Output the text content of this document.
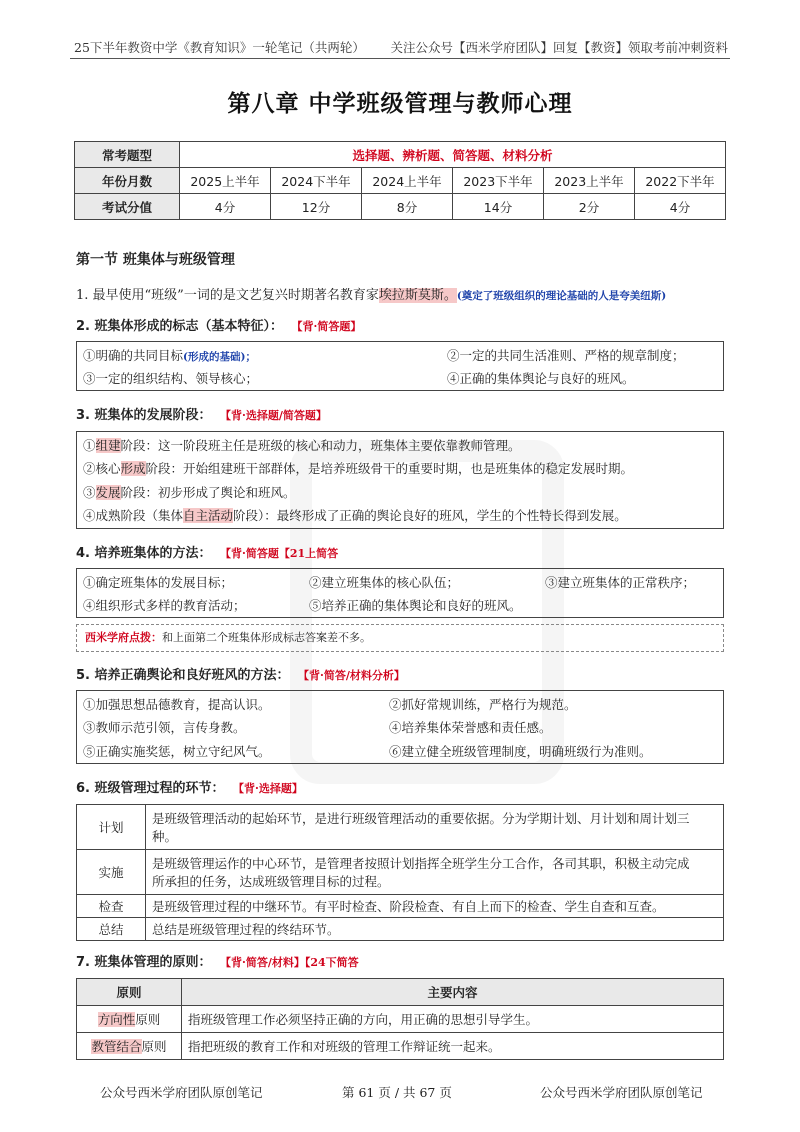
25下半年教资中学《教育知识》一轮笔记（共两轮） 关注公众号【西米学府团队】回复【教资】领取考前冲刺资料
第八章 中学班级管理与教师心理
常考题型	选择题、辨析题、简答题、材料分析					
年份月数	2025上半年	2024下半年	2024上半年	2023下半年	2023上半年	2022下半年
考试分值	4分	12分	8分	14分	2分	4分
第一节 班集体与班级管理
1. 最早使用“班级”一词的是文艺复兴时期著名教育家埃拉斯莫斯。(奠定了班级组织的理论基础的人是夸美纽斯)
2. 班集体形成的标志（基本特征）： 【背·简答题】
①明确的共同目标(形成的基础)；	②一定的共同生活准则、严格的规章制度；
③一定的组织结构、领导核心；	④正确的集体舆论与良好的班风。
3. 班集体的发展阶段： 【背·选择题/简答题】
①组建阶段：这一阶段班主任是班级的核心和动力，班集体主要依靠教师管理。
②核心形成阶段：开始组建班干部群体，是培养班级骨干的重要时期，也是班集体的稳定发展时期。
③发展阶段：初步形成了舆论和班风。
④成熟阶段（集体自主活动阶段）：最终形成了正确的舆论良好的班风，学生的个性特长得到发展。
4. 培养班集体的方法： 【背·简答题【21上简答
①确定班集体的发展目标；	②建立班集体的核心队伍；	③建立班集体的正常秩序；
④组织形式多样的教育活动；	⑤培养正确的集体舆论和良好的班风。
西米学府点拨：和上面第二个班集体形成标志答案差不多。
5. 培养正确舆论和良好班风的方法： 【背·简答/材料分析】
①加强思想品德教育，提高认识。	②抓好常规训练，严格行为规范。
③教师示范引领，言传身教。	④培养集体荣誉感和责任感。
⑤正确实施奖惩，树立守纪风气。	⑥建立健全班级管理制度，明确班级行为准则。
6. 班级管理过程的环节： 【背·选择题】
计划	是班级管理活动的起始环节，是进行班级管理活动的重要依据。分为学期计划、月计划和周计划三
种。

实施	是班级管理运作的中心环节，是管理者按照计划指挥全班学生分工合作，各司其职，积极主动完成
所承担的任务，达成班级管理目标的过程。

检查	是班级管理过程的中继环节。有平时检查、阶段检查、有自上而下的检查、学生自查和互查。
总结	总结是班级管理过程的终结环节。
7. 班集体管理的原则： 【背·简答/材料】【24下简答
原则	主要内容
方向性原则	指班级管理工作必须坚持正确的方向，用正确的思想引导学生。
教管结合原则	指把班级的教育工作和对班级的管理工作辩证统一起来。
公众号西米学府团队原创笔记	第 61 页 / 共 67 页	公众号西米学府团队原创笔记
